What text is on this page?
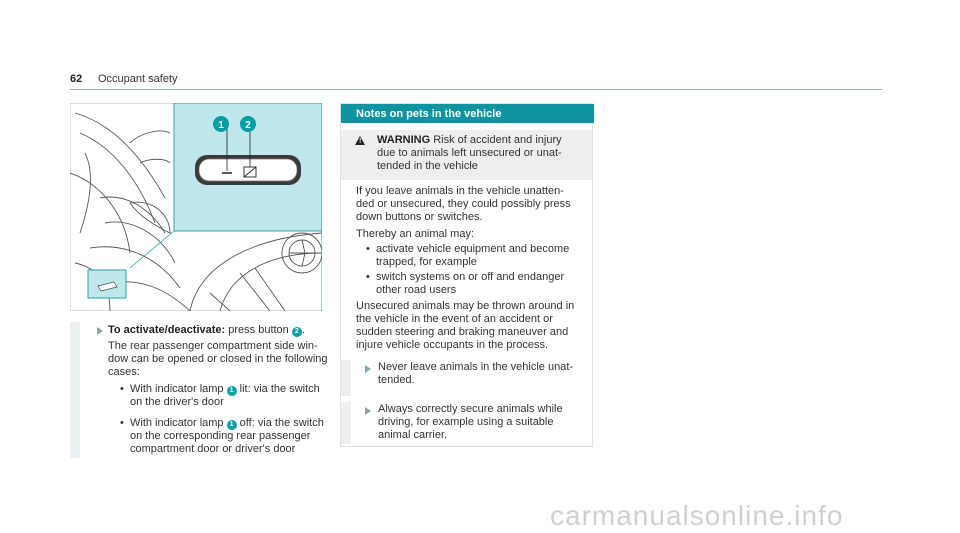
62 Occupant safety
1 2
To activate/deactivate: press button 2 .
The rear passenger compartment side win-
dow can be opened or closed in the following
cases:
• With indicator lamp 1 lit: via the switch
on the driver's door
• With indicator lamp 1 off: via the switch
on the corresponding rear passenger
compartment door or driver's door
Notes on pets in the vehicle
! WARNING Risk of accident and injury
due to animals left unsecured or unat-
tended in the vehicle
If you leave animals in the vehicle unatten-
ded or unsecured, they could possibly press
down buttons or switches.
Thereby an animal may:
• activate vehicle equipment and become
trapped, for example
• switch systems on or off and endanger
other road users
Unsecured animals may be thrown around in
the vehicle in the event of an accident or
sudden steering and braking maneuver and
injure vehicle occupants in the process.
Never leave animals in the vehicle unat-
tended.
Always correctly secure animals while
driving, for example using a suitable
animal carrier.
carmanualsonline.info
